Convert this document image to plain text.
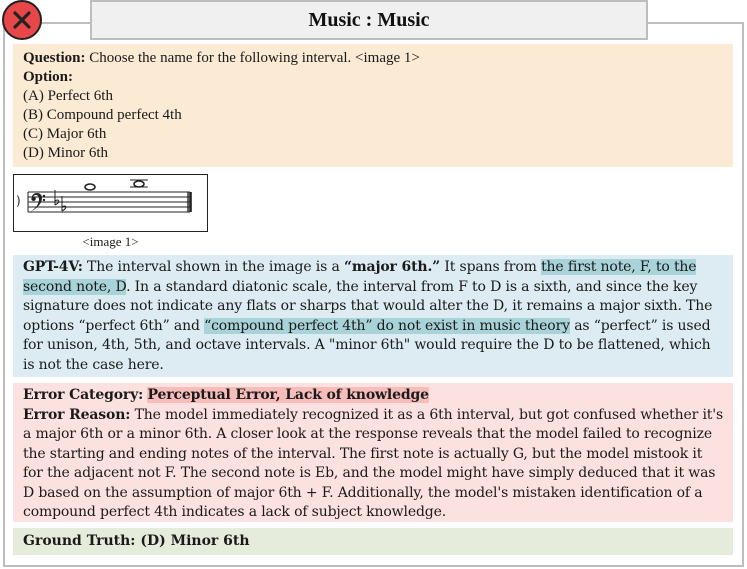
Music : Music
Question: Choose the name for the following interval. <image 1>
Option:
(A) Perfect 6th
(B) Compound perfect 4th
(C) Major 6th
(D) Minor 6th
)
<image 1>
GPT-4V: The interval shown in the image is a “major 6th.” It spans from the first note, F, to the second note, D. In a standard diatonic scale, the interval from F to D is a sixth, and since the key signature does not indicate any flats or sharps that would alter the D, it remains a major sixth. The options “perfect 6th” and “compound perfect 4th” do not exist in music theory as “perfect” is used for unison, 4th, 5th, and octave intervals. A "minor 6th" would require the D to be flattened, which is not the case here.
Error Category: Perceptual Error, Lack of knowledge
Error Reason: The model immediately recognized it as a 6th interval, but got confused whether it's a major 6th or a minor 6th. A closer look at the response reveals that the model failed to recognize the starting and ending notes of the interval. The first note is actually G, but the model mistook it for the adjacent not F. The second note is Eb, and the model might have simply deduced that it was D based on the assumption of major 6th + F. Additionally, the model's mistaken identification of a compound perfect 4th indicates a lack of subject knowledge.
Ground Truth: (D) Minor 6th
